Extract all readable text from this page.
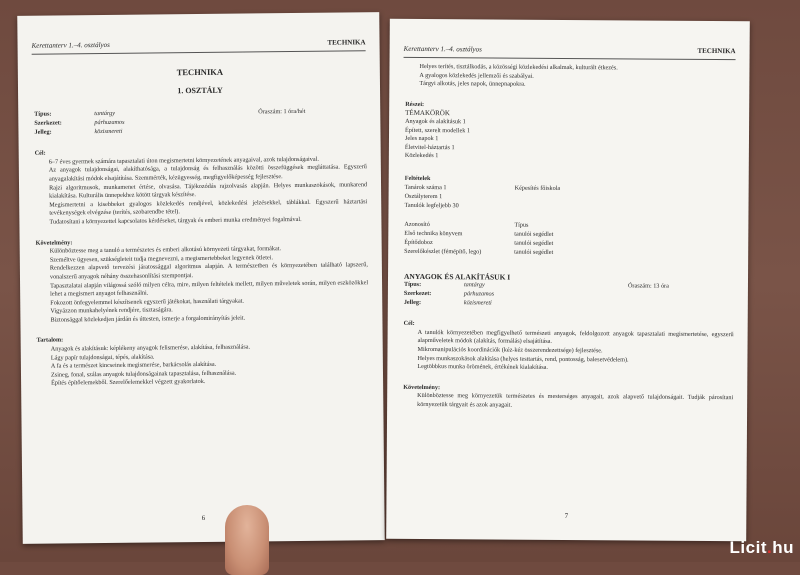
Kerettanterv 1.–4. osztályos	TECHNIKA
TECHNIKA
1. OSZTÁLY
Típus:	tantárgy	Óraszám: 1 óra/hét
Szerkezet:	párhuzamos
Jelleg:	közismereti
Cél:
6–7 éves gyermek számára tapasztalati úton megismertetni környezetének anyagaival, azok tulajdonságaival.
Az anyagok tulajdonságai, alakíthatósága, a tulajdonság és felhasználás közötti összefüggések megláttatása. Egyszerű anyagalakítási módok elsajátítása. Szemmérték, kézügyesség, megfigyelőképesség fejlesztése.
Rajzi algoritmusok, munkamenet értése, olvasása. Tájékozódás rajzolvasás alapján. Helyes munkaszokások, munkarend kialakítása. Kulturális ünnepekhez kötött tárgyak készítése.
Megismertetni a kisebbeket gyalogos közlekedés rendjével, közlekedési jelzésekkel, táblákkal. Egyszerű háztartási tevékenységek elvégzése (terítés, szobarendbe tétel).
Tudatosítani a környezettel kapcsolatos kérdéseket, tárgyak és emberi munka eredményei fogalmával.
Követelmény:
Különböztesse meg a tanuló a természetes és emberi alkotású környezeti tárgyakat, formákat.
Személtve ügyesen, szükségleteit tudja megnevezni, a megismertebbeket legyenek ötletei.
Rendelkezzen alapvető tervezési járatossággal algoritmus alapján. A természetben és környezetében található lapszerű, vonalszerű anyagok néhány összehasonlítási szempontjai.
Tapasztalatai alapján világossá szóló milyen célra, mire, milyen feltételek mellett, milyen műveletek során, milyen eszközökkel lehet a megismert anyagot felhasználni.
Fokozott önfegyelemmel készítsenek egyszerű játékokat, használati tárgyakat.
Vigyázzon munkahelyének rendjére, tisztaságára.
Biztonsággal közlekedjen járdán és úttesten, ismerje a forgalomirányítás jeleit.
Tartalom:
Anyagok és alakításuk: képlékeny anyagok felismerése, alakítása, felhasználása.
Lágy papír tulajdonságai, tépés, alakítása.
A fa és a természet kincseinek megismerése, barkácsolás alakítása.
Zsineg, fonal, szálas anyagok tulajdonságainak tapasztalása, felhasználása.
Építés építőelemekből. Szerelőelemekkel végzett gyakorlatok.
6
Kerettanterv 1.–4. osztályos	TECHNIKA
Helyes terítés, tisztálkodás, a közösségi közlekedési alkalmak, kulturált étkezés.
A gyalogos közlekedés jellemzői és szabályai.
Tárgyi alkotás, jeles napok, ünnepnapokra.
Részei:
TÉMAKÖRÖK
Anyagok és alakításuk 1
Épített, szerelt modellek 1
Jeles napok 1
Életvitel-háztartás 1
Közlekedés 1
Feltételek
Tanárok száma 1	Képesítés főiskola
Osztályterem 1
Tanulók legfeljebb 30
Azonosító	Típus
Első technika könyvem	tanulói segédlet
Építődoboz	tanulói segédlet
Szerelőkészlet (fémépítő, lego)	tanulói segédlet
ANYAGOK ÉS ALAKÍTÁSUK I
Típus:	tantárgy	Óraszám: 13 óra
Szerkezet:	párhuzamos
Jelleg:	közismereti
Cél:
A tanulók környezetében megfigyelhető természeti anyagok, feldolgozott anyagok tapasztalati megismertetése, egyszerű alapműveletek módok (alakítás, formálás) elsajátítása.
Mikromanipulációs koordinációk (kéz-kéz összerendezettsége) fejlesztése.
Helyes munkaszokások alakítása (helyes testtartás, rend, pontosság, balesetvédelem).
Legtöbbkus munka örömének, értékének kialakítása.
Követelmény:
Különböztesse meg környezetük természetes és mesterséges anyagait, azok alapvető tulajdonságait. Tudják párosítani környezetük tárgyait és azok anyagait.
7
Licit.hu
